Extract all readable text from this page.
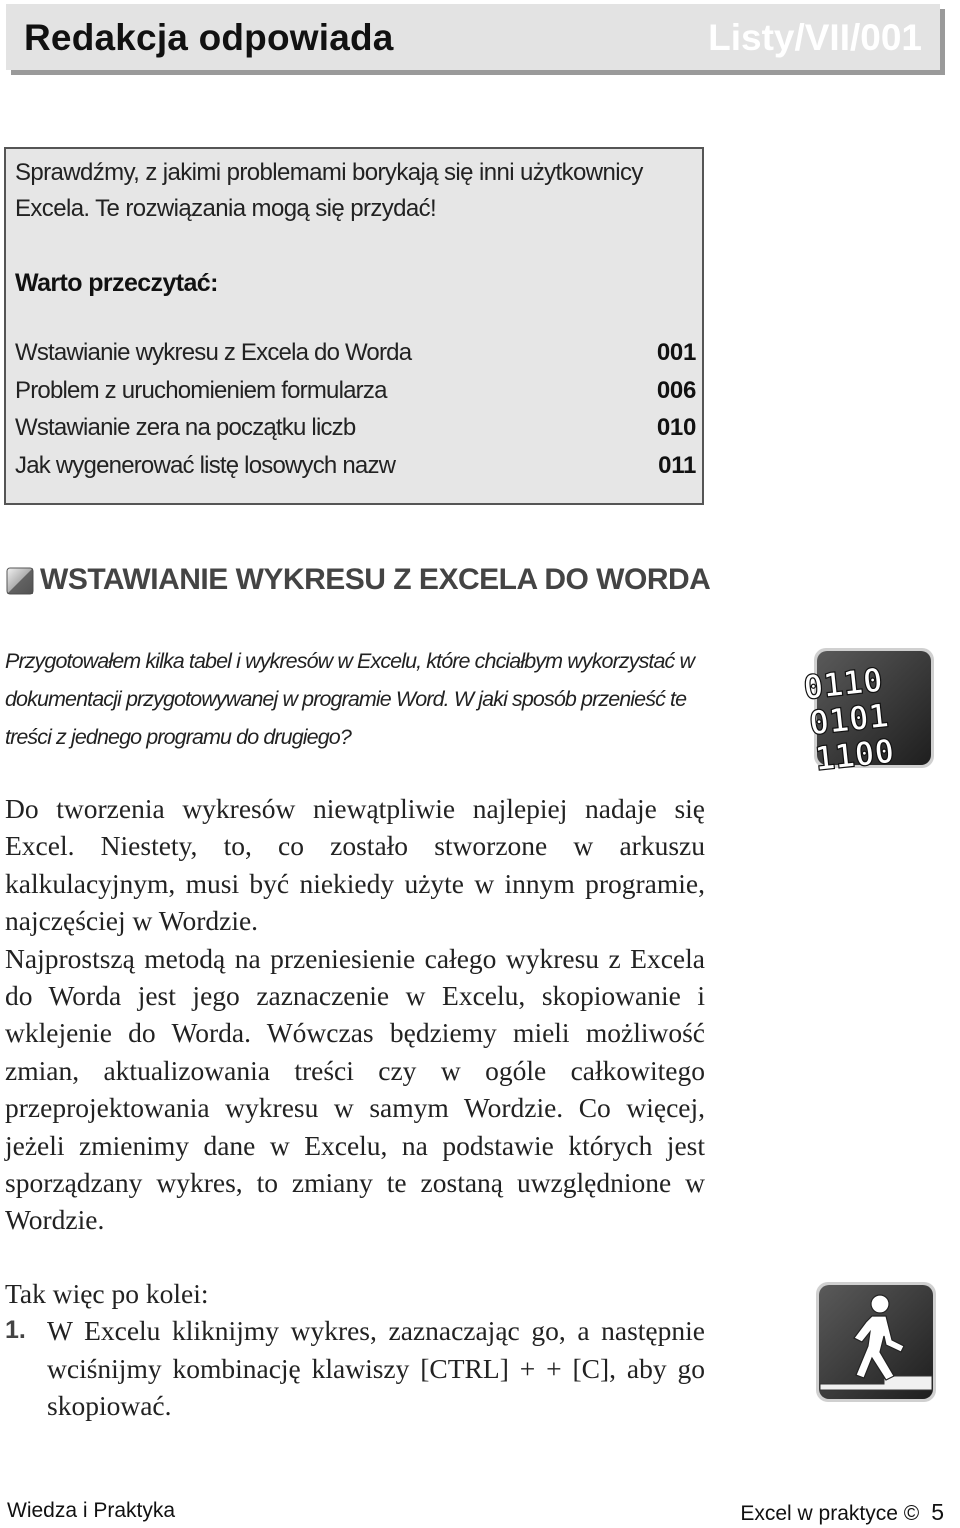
Redakcja odpowiada	Listy/VII/001
Sprawdźmy, z jakimi problemami borykają się inni użytkownicy Excela. Te rozwiązania mogą się przydać!
Warto przeczytać:
Wstawianie wykresu z Excela do Worda	001
Problem z uruchomieniem formularza	006
Wstawianie zera na początku liczb	010
Jak wygenerować listę losowych nazw	011
WSTAWIANIE WYKRESU Z EXCELA DO WORDA
Przygotowałem kilka tabel i wykresów w Excelu, które chciałbym wykorzystać w dokumentacji przygotowywanej w programie Word. W jaki sposób przenieść te treści z jednego programu do drugiego?

Do tworzenia wykresów niewątpliwie najlepiej nadaje się Excel. Niestety, to, co zostało stworzone w arkuszu kalkulacyjnym, musi być niekiedy użyte w innym programie, najczęściej w Wordzie.

Najprostszą metodą na przeniesienie całego wykresu z Excela do Worda jest jego zaznaczenie w Excelu, skopiowanie i wklejenie do Worda. Wówczas będziemy mieli możliwość zmian, aktualizowania treści czy w ogóle całkowitego przeprojektowania wykresu w samym Wordzie. Co więcej, jeżeli zmienimy dane w Excelu, na podstawie których jest sporządzany wykres, to zmiany te zostaną uwzględnione w Wordzie.

Tak więc po kolei:
1. W Excelu kliknijmy wykres, zaznaczając go, a następnie wciśnijmy kombinację klawiszy [CTRL] + + [C], aby go skopiować.
0110
0101
1100
Wiedza i Praktyka	Excel w praktyce © 5
